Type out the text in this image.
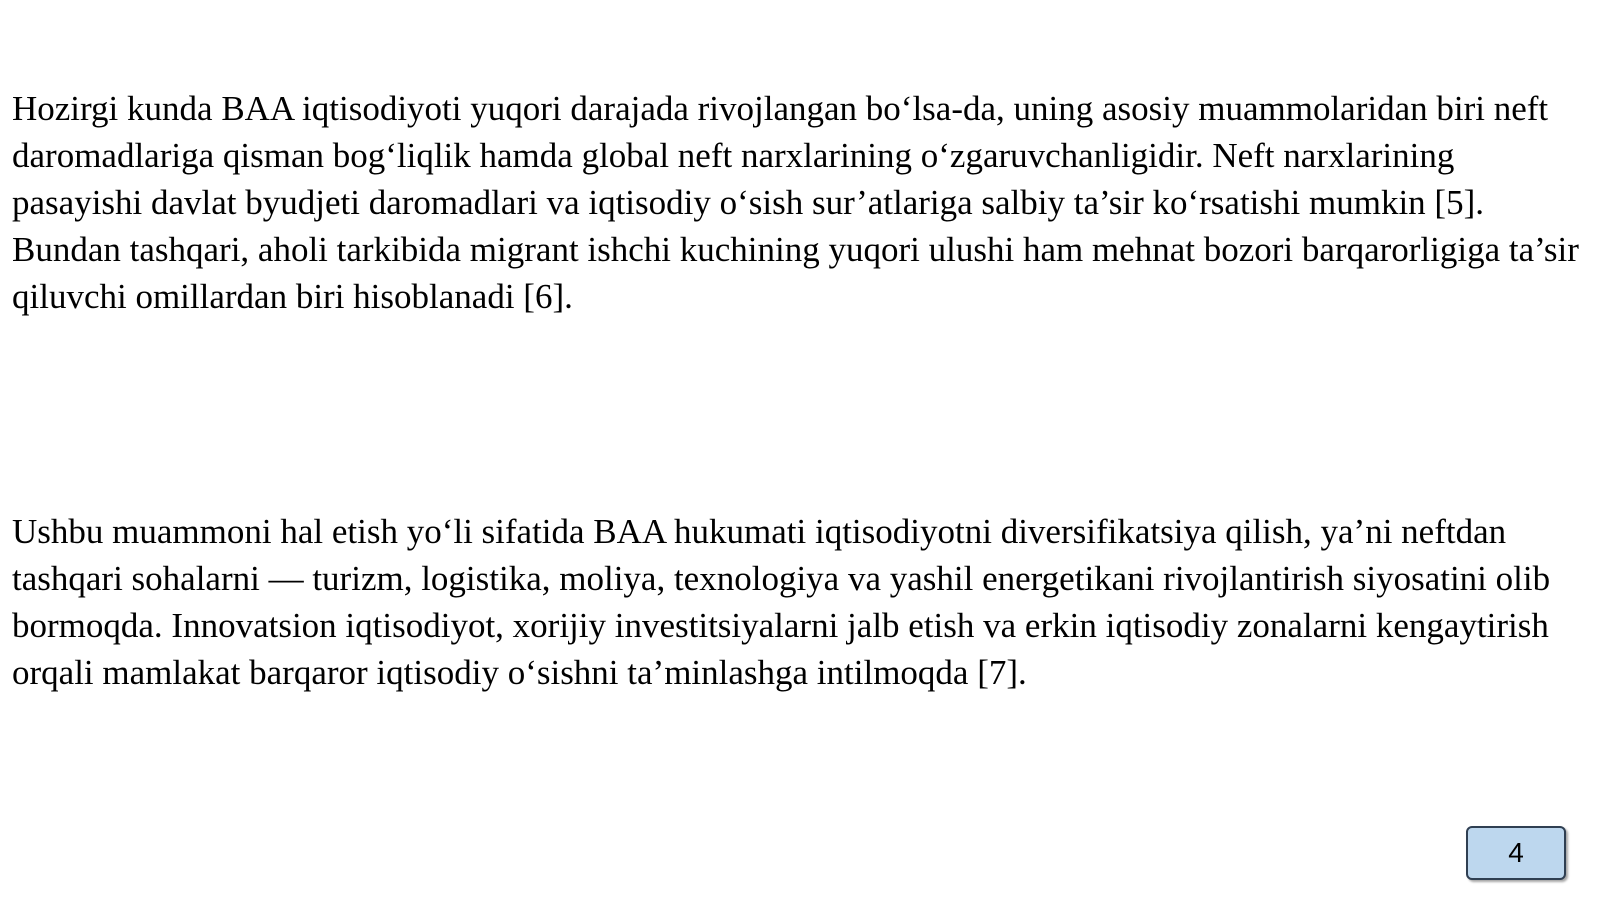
Hozirgi kunda BAA iqtisodiyoti yuqori darajada rivojlangan bo‘lsa-da, uning asosiy muammolaridan biri neft daromadlariga qisman bog‘liqlik hamda global neft narxlarining o‘zgaruvchanligidir. Neft narxlarining pasayishi davlat byudjeti daromadlari va iqtisodiy o‘sish sur’atlariga salbiy ta’sir ko‘rsatishi mumkin [5]. Bundan tashqari, aholi tarkibida migrant ishchi kuchining yuqori ulushi ham mehnat bozori barqarorligiga ta’sir qiluvchi omillardan biri hisoblanadi [6].

Ushbu muammoni hal etish yo‘li sifatida BAA hukumati iqtisodiyotni diversifikatsiya qilish, ya’ni neftdan tashqari sohalarni — turizm, logistika, moliya, texnologiya va yashil energetikani rivojlantirish siyosatini olib bormoqda. Innovatsion iqtisodiyot, xorijiy investitsiyalarni jalb etish va erkin iqtisodiy zonalarni kengaytirish orqali mamlakat barqaror iqtisodiy o‘sishni ta’minlashga intilmoqda [7].

4
